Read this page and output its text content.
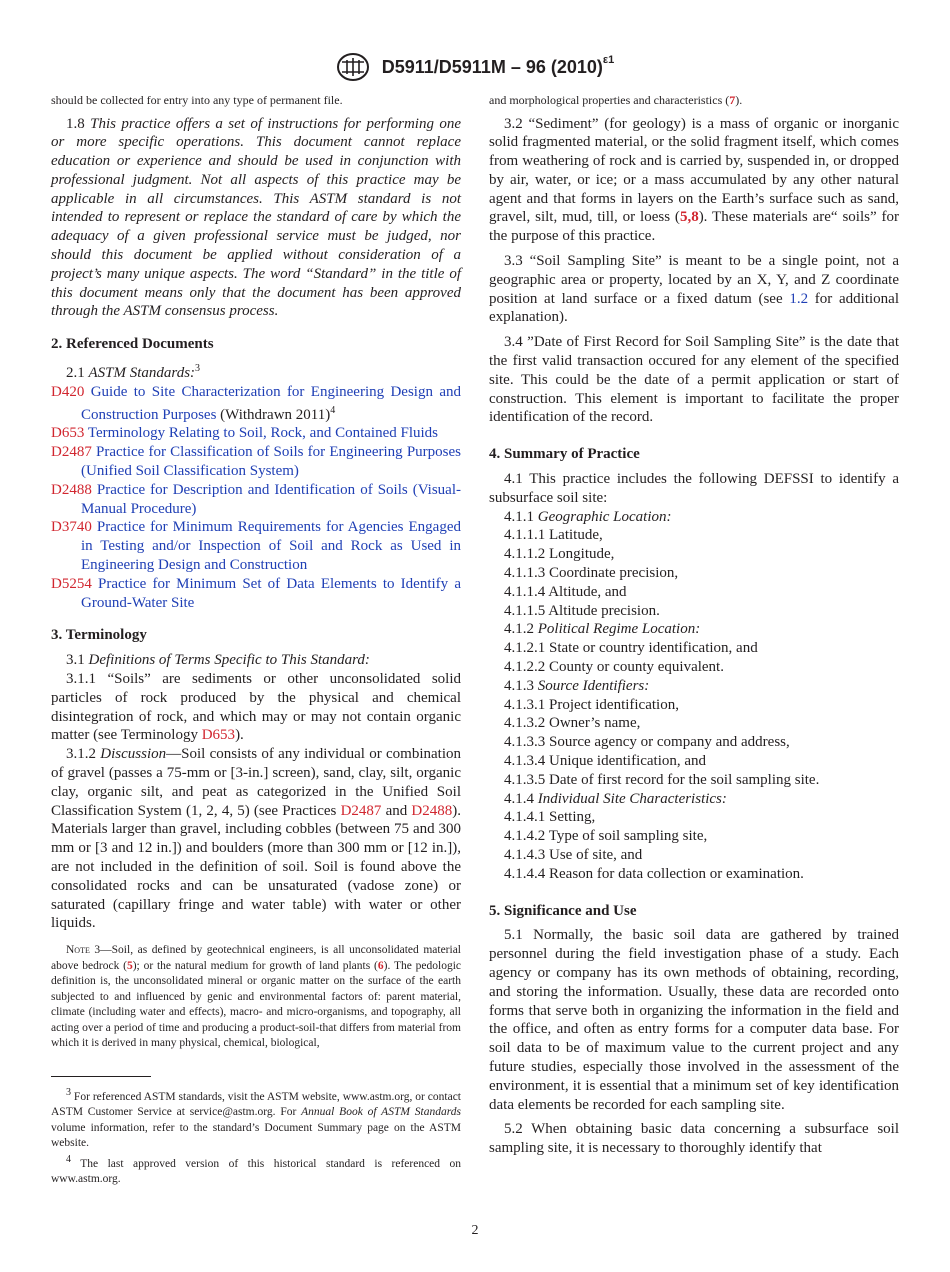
D5911/D5911M – 96 $(2010)^{\varepsilon 1}$

should be collected for entry into any type of permanent file.

1.8 This practice offers a set of instructions for performing one or more specific operations. This document cannot replace education or experience and should be used in conjunction with professional judgment. Not all aspects of this practice may be applicable in all circumstances. This ASTM standard is not intended to represent or replace the standard of care by which the adequacy of a given professional service must be judged, nor should this document be applied without consideration of a project’s many unique aspects. The word “Standard” in the title of this document means only that the document has been approved through the ASTM consensus process.

2. Referenced Documents

2.1 ASTM Standards:$^3$

D420 Guide to Site Characterization for Engineering Design and Construction Purposes (Withdrawn 2011)$^4$

D653 Terminology Relating to Soil, Rock, and Contained Fluids

D2487 Practice for Classification of Soils for Engineering Purposes (Unified Soil Classification System)

D2488 Practice for Description and Identification of Soils (Visual-Manual Procedure)

D3740 Practice for Minimum Requirements for Agencies Engaged in Testing and/or Inspection of Soil and Rock as Used in Engineering Design and Construction

D5254 Practice for Minimum Set of Data Elements to Identify a Ground-Water Site

3. Terminology

3.1 Definitions of Terms Specific to This Standard:

3.1.1 “Soils” are sediments or other unconsolidated solid particles of rock produced by the physical and chemical disintegration of rock, and which may or may not contain organic matter (see Terminology D653).

3.1.2 Discussion—Soil consists of any individual or combination of gravel (passes a 75-mm or [3-in.] screen), sand, clay, silt, organic clay, organic silt, and peat as categorized in the Unified Soil Classification System (1, 2, 4, 5) (see Practices D2487 and D2488). Materials larger than gravel, including cobbles (between 75 and 300 mm or [3 and 12 in.]) and boulders (more than 300 mm or [12 in.]), are not included in the definition of soil. Soil is found above the consolidated rocks and can be unsaturated (vadose zone) or saturated (capillary fringe and water table) with water or other liquids.

Note 3—Soil, as defined by geotechnical engineers, is all unconsolidated material above bedrock (5); or the natural medium for growth of land plants (6). The pedologic definition is, the unconsolidated mineral or organic matter on the surface of the earth subjected to and influenced by genic and environmental factors of: parent material, climate (including water and effects), macro- and micro-organisms, and topography, all acting over a period of time and producing a product-soil-that differs from material from which it is derived in many physical, chemical, biological,

$^3$ For referenced ASTM standards, visit the ASTM website, www.astm.org, or contact ASTM Customer Service at service@astm.org. For Annual Book of ASTM Standards volume information, refer to the standard’s Document Summary page on the ASTM website.

$^4$ The last approved version of this historical standard is referenced on www.astm.org.

and morphological properties and characteristics (7).

3.2 “Sediment” (for geology) is a mass of organic or inorganic solid fragmented material, or the solid fragment itself, which comes from weathering of rock and is carried by, suspended in, or dropped by air, water, or ice; or a mass accumulated by any other natural agent and that forms in layers on the Earth’s surface such as sand, gravel, silt, mud, till, or loess (5,8). These materials are“ soils” for the purpose of this practice.

3.3 “Soil Sampling Site” is meant to be a single point, not a geographic area or property, located by an X, Y, and Z coordinate position at land surface or a fixed datum (see 1.2 for additional explanation).

3.4 ”Date of First Record for Soil Sampling Site” is the date that the first valid transaction occured for any element of the specified site. This could be the date of a permit application or start of construction. This element is important to facilitate the proper identification of the record.

4. Summary of Practice

4.1 This practice includes the following DEFSSI to identify a subsurface soil site:

4.1.1 Geographic Location:

4.1.1.1 Latitude,

4.1.1.2 Longitude,

4.1.1.3 Coordinate precision,

4.1.1.4 Altitude, and

4.1.1.5 Altitude precision.

4.1.2 Political Regime Location:

4.1.2.1 State or country identification, and

4.1.2.2 County or county equivalent.

4.1.3 Source Identifiers:

4.1.3.1 Project identification,

4.1.3.2 Owner’s name,

4.1.3.3 Source agency or company and address,

4.1.3.4 Unique identification, and

4.1.3.5 Date of first record for the soil sampling site.

4.1.4 Individual Site Characteristics:

4.1.4.1 Setting,

4.1.4.2 Type of soil sampling site,

4.1.4.3 Use of site, and

4.1.4.4 Reason for data collection or examination.

5. Significance and Use

5.1 Normally, the basic soil data are gathered by trained personnel during the field investigation phase of a study. Each agency or company has its own methods of obtaining, recording, and storing the information. Usually, these data are recorded onto forms that serve both in organizing the information in the field and the office, and often as entry forms for a computer data base. For soil data to be of maximum value to the current project and any future studies, especially those involved in the assessment of the environment, it is essential that a minimum set of key identification data elements be recorded for each sampling site.

5.2 When obtaining basic data concerning a subsurface soil sampling site, it is necessary to thoroughly identify that

2
